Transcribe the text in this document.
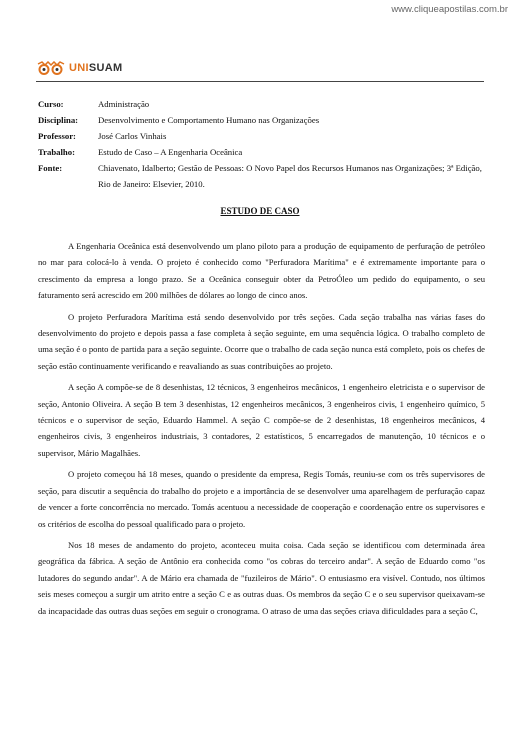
www.cliqueapostilas.com.br
UNISUAM
Curso:	Administração
Disciplina:	Desenvolvimento e Comportamento Humano nas Organizações
Professor:	José Carlos Vinhais
Trabalho:	Estudo de Caso – A Engenharia Oceânica
Fonte:	Chiavenato, Idalberto; Gestão de Pessoas: O Novo Papel dos Recursos Humanos nas Organizações; 3ª Edição, Rio de Janeiro: Elsevier, 2010.
ESTUDO DE CASO

A Engenharia Oceânica está desenvolvendo um plano piloto para a produção de equipamento de perfuração de petróleo no mar para colocá-lo à venda. O projeto é conhecido como "Perfuradora Marítima" e é extremamente importante para o crescimento da empresa a longo prazo. Se a Oceânica conseguir obter da PetroÓleo um pedido do equipamento, o seu faturamento será acrescido em 200 milhões de dólares ao longo de cinco anos.

O projeto Perfuradora Marítima está sendo desenvolvido por três seções. Cada seção trabalha nas várias fases do desenvolvimento do projeto e depois passa a fase completa à seção seguinte, em uma sequência lógica. O trabalho completo de uma seção é o ponto de partida para a seção seguinte. Ocorre que o trabalho de cada seção nunca está completo, pois os chefes de seção estão continuamente verificando e reavaliando as suas contribuições ao projeto.

A seção A compõe-se de 8 desenhistas, 12 técnicos, 3 engenheiros mecânicos, 1 engenheiro eletricista e o supervisor de seção, Antonio Oliveira. A seção B tem 3 desenhistas, 12 engenheiros mecânicos, 3 engenheiros civis, 1 engenheiro químico, 5 técnicos e o supervisor de seção, Eduardo Hammel. A seção C compõe-se de 2 desenhistas, 18 engenheiros mecânicos, 4 engenheiros civis, 3 engenheiros industriais, 3 contadores, 2 estatísticos, 5 encarregados de manutenção, 10 técnicos e o supervisor, Mário Magalhães.

O projeto começou há 18 meses, quando o presidente da empresa, Regis Tomás, reuniu-se com os três supervisores de seção, para discutir a sequência do trabalho do projeto e a importância de se desenvolver uma aparelhagem de perfuração capaz de vencer a forte concorrência no mercado. Tomás acentuou a necessidade de cooperação e coordenação entre os supervisores e os critérios de escolha do pessoal qualificado para o projeto.

Nos 18 meses de andamento do projeto, aconteceu muita coisa. Cada seção se identificou com determinada área geográfica da fábrica. A seção de Antônio era conhecida como "os cobras do terceiro andar". A seção de Eduardo como "os lutadores do segundo andar". A de Mário era chamada de "fuzileiros de Mário". O entusiasmo era visível. Contudo, nos últimos seis meses começou a surgir um atrito entre a seção C e as outras duas. Os membros da seção C e o seu supervisor queixavam-se da incapacidade das outras duas seções em seguir o cronograma. O atraso de uma das seções criava dificuldades para a seção C,
